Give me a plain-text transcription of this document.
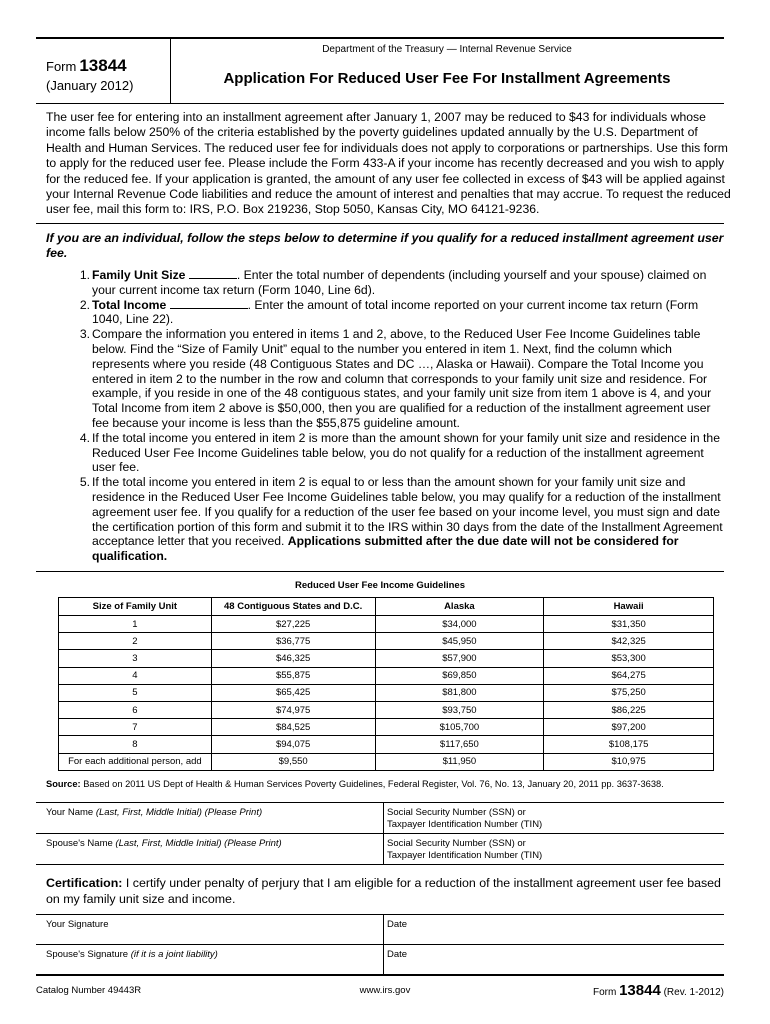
Form 13844
(January 2012)
Department of the Treasury — Internal Revenue Service
Application For Reduced User Fee For Installment Agreements
The user fee for entering into an installment agreement after January 1, 2007 may be reduced to $43 for individuals whose income falls below 250% of the criteria established by the poverty guidelines updated annually by the U.S. Department of Health and Human Services. The reduced user fee for individuals does not apply to corporations or partnerships. Use this form to apply for the reduced user fee. Please include the Form 433-A if your income has recently decreased and you wish to apply for the reduced fee. If your application is granted, the amount of any user fee collected in excess of $43 will be applied against your Internal Revenue Code liabilities and reduce the amount of interest and penalties that may accrue. To request the reduced user fee, mail this form to: IRS, P.O. Box 219236, Stop 5050, Kansas City, MO 64121-9236.
If you are an individual, follow the steps below to determine if you qualify for a reduced installment agreement user fee.
1. Family Unit Size	. Enter the total number of dependents (including yourself and your spouse) claimed on your current income tax return (Form 1040, Line 6d).
2. Total Income	. Enter the amount of total income reported on your current income tax return (Form 1040, Line 22).
3. Compare the information you entered in items 1 and 2, above, to the Reduced User Fee Income Guidelines table below. Find the “Size of Family Unit” equal to the number you entered in item 1. Next, find the column which represents where you reside (48 Contiguous States and DC …, Alaska or Hawaii). Compare the Total Income you entered in item 2 to the number in the row and column that corresponds to your family unit size and residence. For example, if you reside in one of the 48 contiguous states, and your family unit size from item 1 above is 4, and your Total Income from item 2 above is $50,000, then you are qualified for a reduction of the installment agreement user fee because your income is less than the $55,875 guideline amount.
4. If the total income you entered in item 2 is more than the amount shown for your family unit size and residence in the Reduced User Fee Income Guidelines table below, you do not qualify for a reduction of the installment agreement user fee.
5. If the total income you entered in item 2 is equal to or less than the amount shown for your family unit size and residence in the Reduced User Fee Income Guidelines table below, you may qualify for a reduction of the installment agreement user fee. If you qualify for a reduction of the user fee based on your income level, you must sign and date the certification portion of this form and submit it to the IRS within 30 days from the date of the Installment Agreement acceptance letter that you received. Applications submitted after the due date will not be considered for qualification.
Reduced User Fee Income Guidelines
Size of Family Unit	48 Contiguous States and D.C.	Alaska	Hawaii
1	$27,225	$34,000	$31,350
2	$36,775	$45,950	$42,325
3	$46,325	$57,900	$53,300
4	$55,875	$69,850	$64,275
5	$65,425	$81,800	$75,250
6	$74,975	$93,750	$86,225
7	$84,525	$105,700	$97,200
8	$94,075	$117,650	$108,175
For each additional person, add	$9,550	$11,950	$10,975
Source: Based on 2011 US Dept of Health & Human Services Poverty Guidelines, Federal Register, Vol. 76, No. 13, January 20, 2011 pp. 3637-3638.
Your Name (Last, First, Middle Initial) (Please Print)	Social Security Number (SSN) or
Taxpayer Identification Number (TIN)
Spouse's Name (Last, First, Middle Initial) (Please Print)	Social Security Number (SSN) or
Taxpayer Identification Number (TIN)
Certification: I certify under penalty of perjury that I am eligible for a reduction of the installment agreement user fee based on my family unit size and income.
Your Signature	Date
Spouse's Signature (if it is a joint liability)	Date
Catalog Number 49443R	www.irs.gov	Form 13844 (Rev. 1-2012)
